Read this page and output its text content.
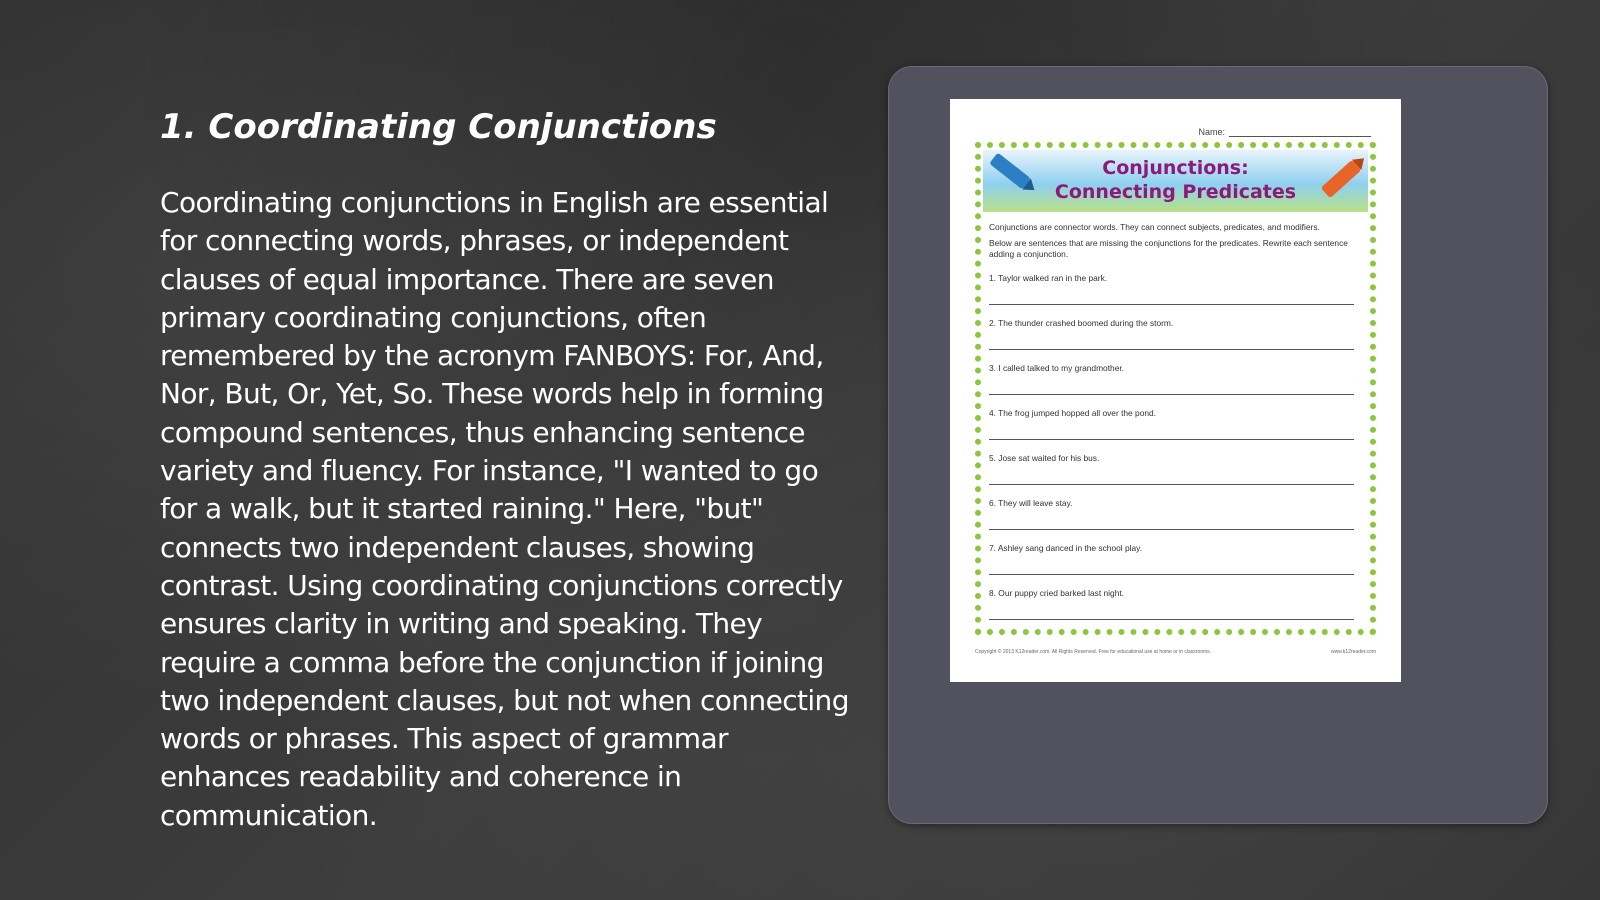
1. Coordinating Conjunctions

Coordinating conjunctions in English are essential for connecting words, phrases, or independent clauses of equal importance. There are seven primary coordinating conjunctions, often remembered by the acronym FANBOYS: For, And, Nor, But, Or, Yet, So. These words help in forming compound sentences, thus enhancing sentence variety and fluency. For instance, "I wanted to go for a walk, but it started raining." Here, "but" connects two independent clauses, showing contrast. Using coordinating conjunctions correctly ensures clarity in writing and speaking. They require a comma before the conjunction if joining two independent clauses, but not when connecting words or phrases. This aspect of grammar enhances readability and coherence in communication.

Name:
Conjunctions:
Connecting Predicates

Conjunctions are connector words. They can connect subjects, predicates, and modifiers.

Below are sentences that are missing the conjunctions for the predicates. Rewrite each sentence adding a conjunction.

1. Taylor walked ran in the park.
2. The thunder crashed boomed during the storm.
3. I called talked to my grandmother.
4. The frog jumped hopped all over the pond.
5. Jose sat waited for his bus.
6. They will leave stay.
7. Ashley sang danced in the school play.
8. Our puppy cried barked last night.
Copyright © 2013 K12reader.com. All Rights Reserved. Free for educational use at home or in classrooms.	www.k12reader.com
